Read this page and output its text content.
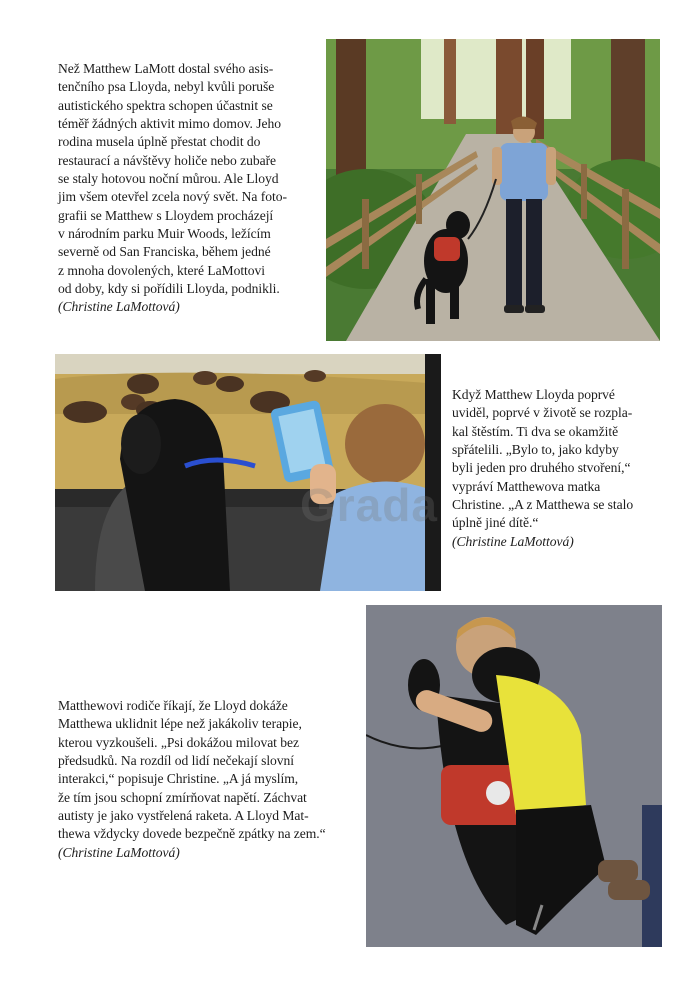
Než Matthew LaMott dostal svého asis-
tenčního psa Lloyda, nebyl kvůli poruše
autistického spektra schopen účastnit se
téměř žádných aktivit mimo domov. Jeho
rodina musela úplně přestat chodit do
restaurací a návštěvy holiče nebo zubaře
se staly hotovou noční můrou. Ale Lloyd
jim všem otevřel zcela nový svět. Na foto-
grafii se Matthew s Lloydem procházejí
v národním parku Muir Woods, ležícím
severně od San Franciska, během jedné
z mnoha dovolených, které LaMottovi
od doby, kdy si pořídili Lloyda, podnikli.
(Christine LaMottová)

Když Matthew Lloyda poprvé
uviděl, poprvé v životě se rozpla-
kal štěstím. Ti dva se okamžitě
spřátelili. „Bylo to, jako kdyby
byli jeden pro druhého stvoření,“
vypráví Matthewova matka
Christine. „A z Matthewa se stalo
úplně jiné dítě.“
(Christine LaMottová)

Matthewovi rodiče říkají, že Lloyd dokáže
Matthewa uklidnit lépe než jakákoliv terapie,
kterou vyzkoušeli. „Psi dokážou milovat bez
předsudků. Na rozdíl od lidí nečekají slovní
interakci,“ popisuje Christine. „A já myslím,
že tím jsou schopní zmírňovat napětí. Záchvat
autisty je jako vystřelená raketa. A Lloyd Mat-
thewa vždycky dovede bezpečně zpátky na zem.“
(Christine LaMottová)

Grada
